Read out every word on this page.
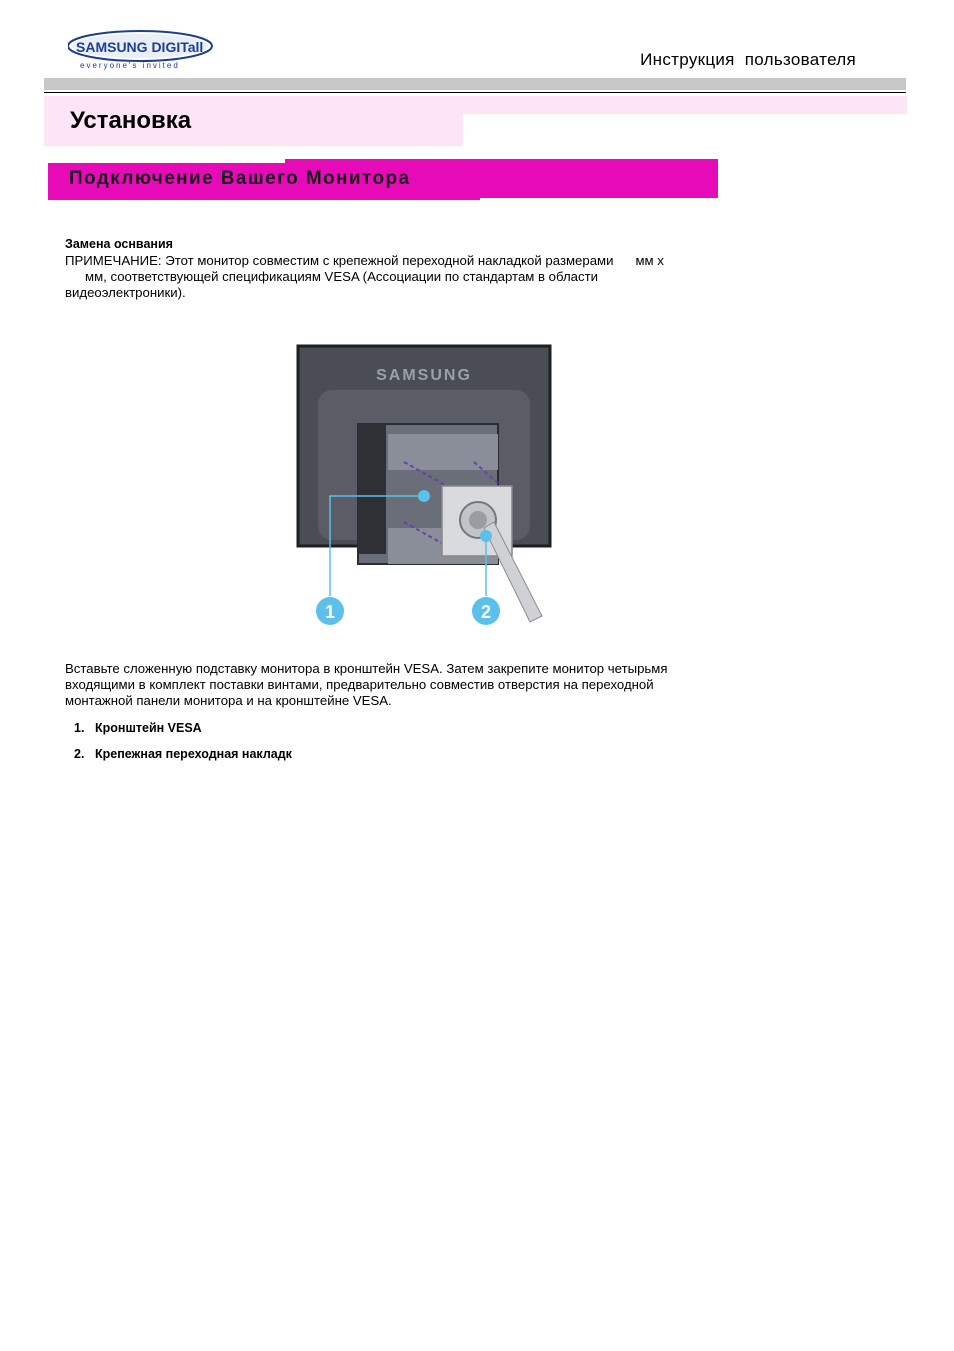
SAMSUNG DIGITall
everyone's invited	Инструкция  пользователя
Установка
Подключение Вашего Монитора
Замена оснвания
ПРИМЕЧАНИЕ: Этот монитор совместим с крепежной переходной накладкой размерами      мм x
мм, соответствующей спецификациям VESA (Ассоциации по стандартам в области
видеоэлектроники).
SAMSUNG
1	2
Вставьте сложенную подставку монитора в кронштейн VESA. Затем закрепите монитор четырьмя
входящими в комплект поставки винтами, предварительно совместив отверстия на переходной
монтажной панели монитора и на кронштейне VESA.
1. Кронштейн VESA
2. Крепежная переходная накладк
